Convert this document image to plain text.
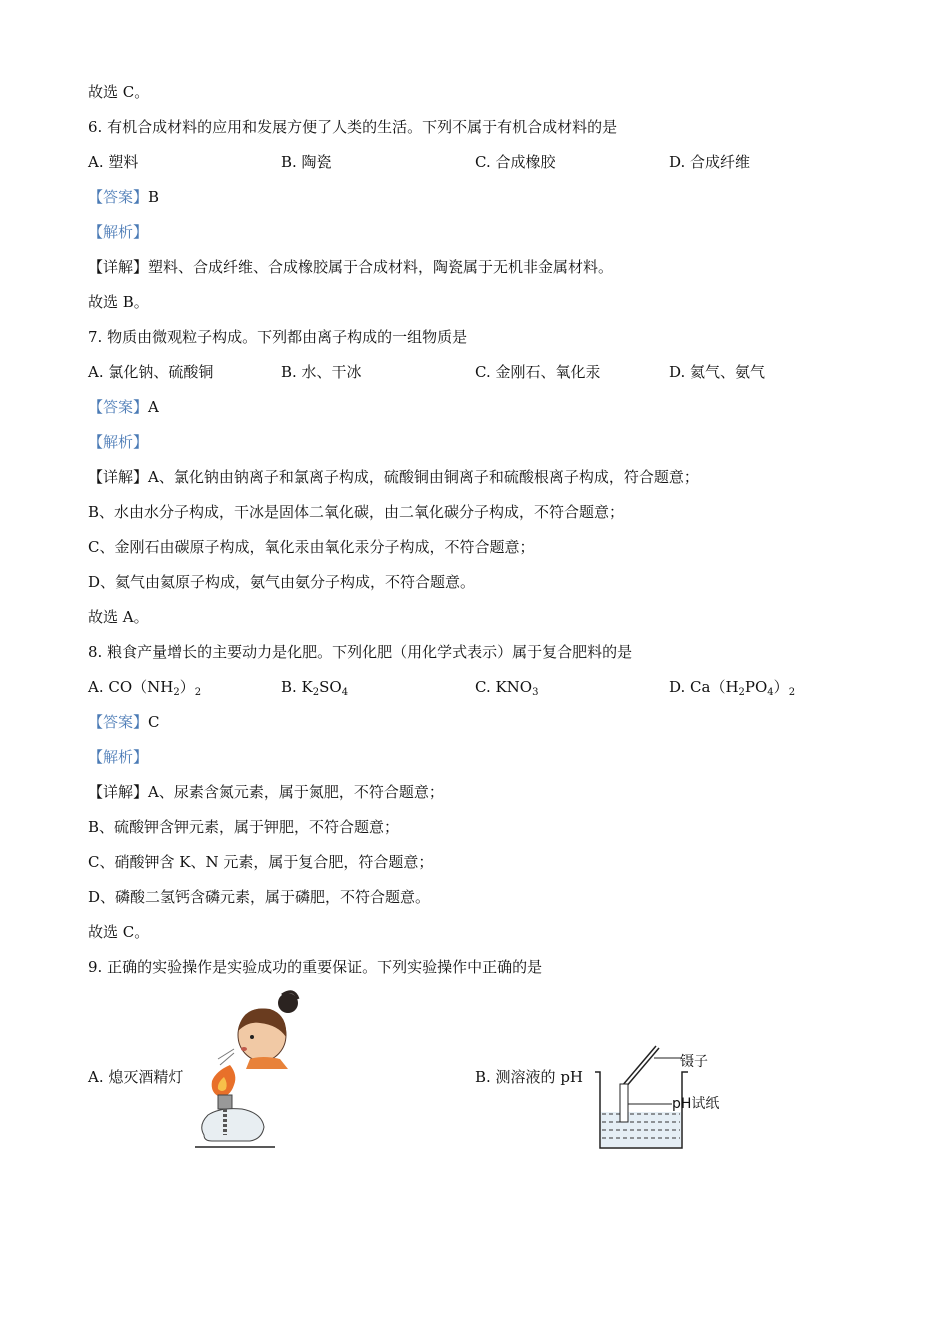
故选 C。
6. 有机合成材料的应用和发展方便了人类的生活。下列不属于有机合成材料的是
A. 塑料	B. 陶瓷	C. 合成橡胶	D. 合成纤维
【答案】B
【解析】
【详解】塑料、合成纤维、合成橡胶属于合成材料，陶瓷属于无机非金属材料。
故选 B。
7. 物质由微观粒子构成。下列都由离子构成的一组物质是
A. 氯化钠、硫酸铜	B. 水、干冰	C. 金刚石、氧化汞	D. 氦气、氨气
【答案】A
【解析】
【详解】A、氯化钠由钠离子和氯离子构成，硫酸铜由铜离子和硫酸根离子构成，符合题意；
B、水由水分子构成，干冰是固体二氧化碳，由二氧化碳分子构成，不符合题意；
C、金刚石由碳原子构成，氧化汞由氧化汞分子构成，不符合题意；
D、氦气由氦原子构成，氨气由氨分子构成，不符合题意。
故选 A。
8. 粮食产量增长的主要动力是化肥。下列化肥（用化学式表示）属于复合肥料的是
A. $CO(NH_2)_2$	B. $K_2SO_4$	C. $KNO_3$	D. $Ca(H_2PO_4)_2$
【答案】C
【解析】
【详解】A、尿素含氮元素，属于氮肥，不符合题意；
B、硫酸钾含钾元素，属于钾肥，不符合题意；
C、硝酸钾含 K、N 元素，属于复合肥，符合题意；
D、磷酸二氢钙含磷元素，属于磷肥，不符合题意。
故选 C。
9. 正确的实验操作是实验成功的重要保证。下列实验操作中正确的是
A. 熄灭酒精灯	B. 测溶液的 pH
镊子
pH试纸
